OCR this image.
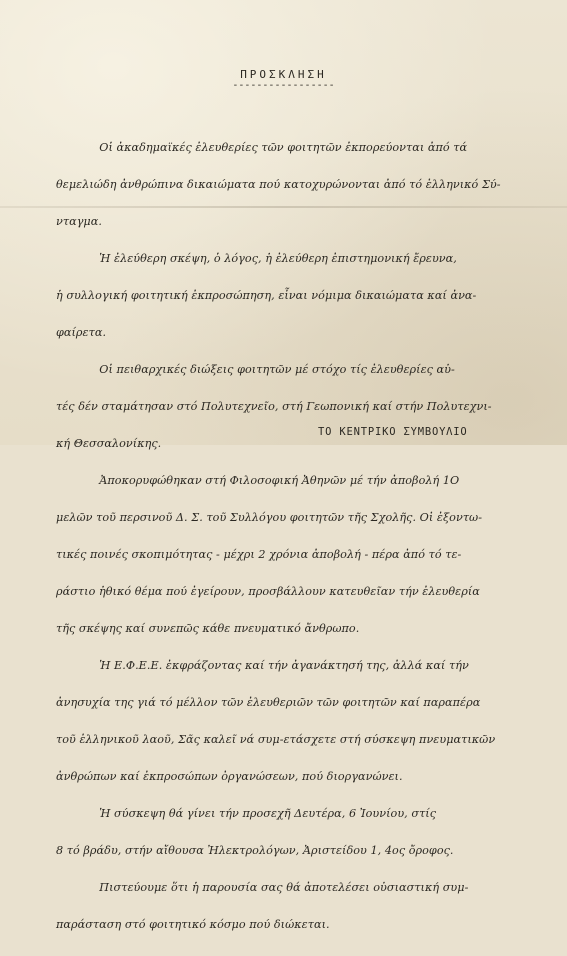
ΠΡΟΣΚΛΗΣΗ
-----------------

Οἱ ἀκαδημαϊκές ἐλευθερίες τῶν φοιτητῶν ἐκπορεύονται ἀπό τά

θεμελιώδη ἀνθρώπινα δικαιώματα πού κατοχυρώνονται ἀπό τό ἑλληνικό Σύ-

νταγμα.

Ἡ ἐλεύθερη σκέψη, ὁ λόγος, ἡ ἐλεύθερη ἐπιστημονική ἔρευνα,

ἡ συλλογική φοιτητική ἐκπροσώπηση, εἶναι νόμιμα δικαιώματα καί ἀνα-

φαίρετα.

Οἱ πειθαρχικές διώξεις φοιτητῶν μέ στόχο τίς ἐλευθερίες αὐ-

τές δέν σταμάτησαν στό Πολυτεχνεῖο, στή Γεωπονική καί στήν Πολυτεχνι-

κή Θεσσαλονίκης.

Ἀποκορυφώθηκαν στή Φιλοσοφική Ἀθηνῶν μέ τήν ἀποβολή 1Ο

μελῶν τοῦ περσινοῦ Δ. Σ. τοῦ Συλλόγου φοιτητῶν τῆς Σχολῆς. Οἱ ἐξοντω-

τικές ποινές σκοπιμότητας - μέχρι 2 χρόνια ἀποβολή - πέρα ἀπό τό τε-

ράστιο ἠθικό θέμα πού ἐγείρουν, προσβάλλουν κατευθεῖαν τήν ἐλευθερία

τῆς σκέψης καί συνεπῶς κάθε πνευματικό ἄνθρωπο.

Ἡ Ε.Φ.Ε.Ε. ἐκφράζοντας καί τήν ἀγανάκτησή της, ἀλλά καί τήν

ἀνησυχία της γιά τό μέλλον τῶν ἐλευθεριῶν τῶν φοιτητῶν καί παραπέρα

τοῦ ἑλληνικοῦ λαοῦ, Σᾶς καλεῖ νά συμ-ετάσχετε στή σύσκεψη πνευματικῶν

ἀνθρώπων καί ἐκπροσώπων ὀργανώσεων, πού διοργανώνει.

Ἡ σύσκεψη θά γίνει τήν προσεχῆ Δευτέρα, 6 Ἰουνίου, στίς

8 τό βράδυ, στήν αἴθουσα Ἠλεκτρολόγων, Ἀριστείδου 1, 4ος ὄροφος.

Πιστεύουμε ὅτι ἡ παρουσία σας θά ἀποτελέσει οὐσιαστική συμ-

παράσταση στό φοιτητικό κόσμο πού διώκεται.

ΤΟ ΚΕΝΤΡΙΚΟ ΣΥΜΒΟΥΛΙΟ
